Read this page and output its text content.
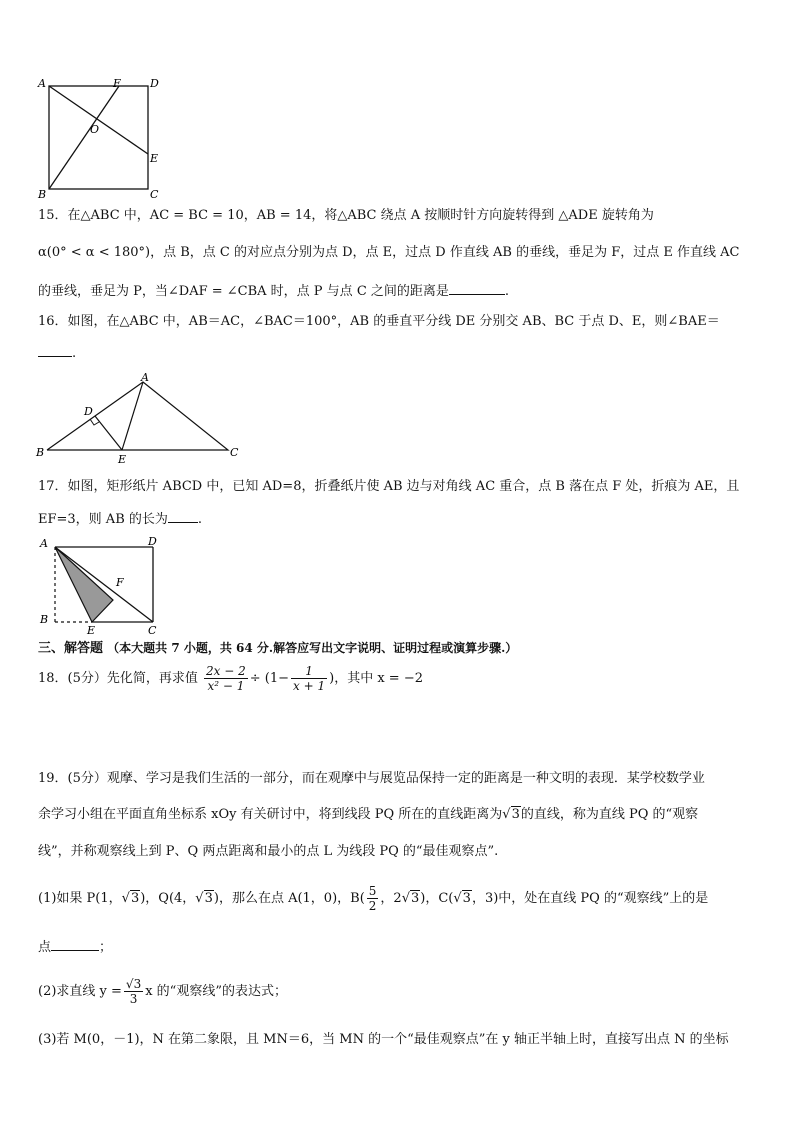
A	F	D
O
E
B	C
15．在△ABC 中，AC = BC = 10，AB = 14，将△ABC 绕点 A 按顺时针方向旋转得到 △ADE 旋转角为
α(0° < α < 180°)，点 B，点 C 的对应点分别为点 D，点 E，过点 D 作直线 AB 的垂线，垂足为 F，过点 E 作直线 AC
的垂线，垂足为 P，当∠DAF = ∠CBA 时，点 P 与点 C 之间的距离是	.
16．如图，在△ABC 中，AB＝AC，∠BAC＝100°，AB 的垂直平分线 DE 分别交 AB、BC 于点 D、E，则∠BAE＝
.
A
D
B
E
C
17．如图，矩形纸片 ABCD 中，已知 AD=8，折叠纸片使 AB 边与对角线 AC 重合，点 B 落在点 F 处，折痕为 AE，且
EF=3，则 AB 的长为 .
A	D
F
B
E	C
三、解答题 （本大题共 7 小题，共 64 分.解答应写出文字说明、证明过程或演算步骤.）
18．(5分）先化简，再求值 $\frac{2x - 2}{\text{x² − 1}} \div (1- \frac{1}{x + 1}$ )，其中 x = −2
19．(5分）观摩、学习是我们生活的一部分，而在观摩中与展览品保持一定的距离是一种文明的表现．某学校数学业
余学习小组在平面直角坐标系 xOy 有关研讨中，将到线段 PQ 所在的直线距离为√3的直线，称为直线 PQ 的“观察
线”，并称观察线上到 P、Q 两点距离和最小的点 L 为线段 PQ 的“最佳观察点”.
(1)如果 P(1，√3)，Q(4，√3)，那么在点 A(1，0)，$B( \frac{5}{2}$ ，2√3)，C(√3，3)中，处在直线 PQ 的“观察线”上的是
点	；
(2)求直线 $y = \frac{√3}{3}$ x 的“观察线”的表达式；
(3)若 M(0，－1)，N 在第二象限，且 MN＝6，当 MN 的一个“最佳观察点”在 y 轴正半轴上时，直接写出点 N 的坐标
